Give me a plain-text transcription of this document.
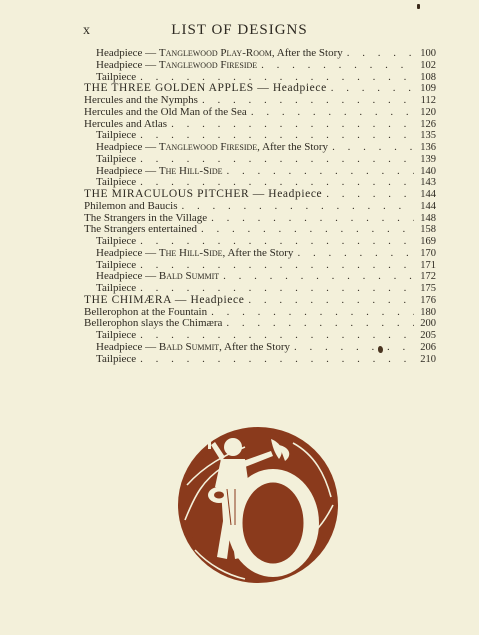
x	LIST OF DESIGNS
Headpiece — Tanglewood Play-Room, After the Story . . .	100
Headpiece — Tanglewood Fireside . . .	102
Tailpiece . . .	108
THE THREE GOLDEN APPLES — Headpiece . . .	109
Hercules and the Nymphs . . .	112
Hercules and the Old Man of the Sea . . .	120
Hercules and Atlas . . .	126
Tailpiece . . .	135
Headpiece — Tanglewood Fireside, After the Story . . .	136
Tailpiece . . .	139
Headpiece — The Hill-Side . . .	140
Tailpiece . . .	143
THE MIRACULOUS PITCHER — Headpiece . . .	144
Philemon and Baucis . . .	144
The Strangers in the Village . . .	148
The Strangers entertained . . .	158
Tailpiece . . .	169
Headpiece — The Hill-Side, After the Story . . .	170
Tailpiece . . .	171
Headpiece — Bald Summit . . .	172
Tailpiece . . .	175
THE CHIMÆRA — Headpiece . . .	176
Bellerophon at the Fountain . . .	180
Bellerophon slays the Chimæra . . .	200
Tailpiece . . .	205
Headpiece — Bald Summit, After the Story . . .	206
Tailpiece . . .	210
